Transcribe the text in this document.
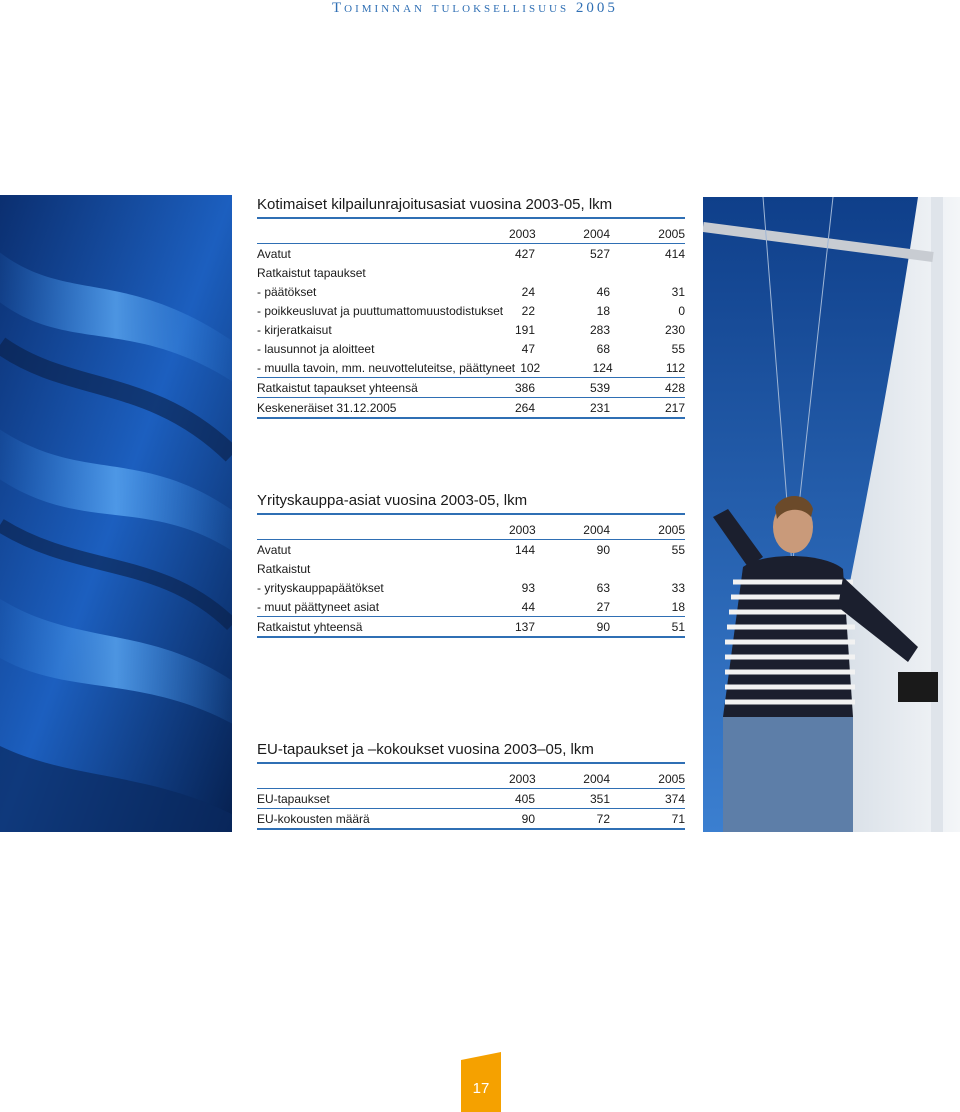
Toiminnan tuloksellisuus 2005
Kotimaiset kilpailunrajoitusasiat vuosina 2003-05, lkm
2003	2004	2005
Avatut	427	527	414
Ratkaistut tapaukset
- päätökset	24	46	31
- poikkeusluvat ja puuttumattomuustodistukset	22	18	0
- kirjeratkaisut	191	283	230
- lausunnot ja aloitteet	47	68	55
- muulla tavoin, mm. neuvotteluteitse, päättyneet 102	124	112
Ratkaistut tapaukset yhteensä	386	539	428
Keskeneräiset 31.12.2005	264	231	217
Yrityskauppa-asiat vuosina 2003-05, lkm
2003	2004	2005
Avatut	144	90	55
Ratkaistut
- yrityskauppapäätökset	93	63	33
- muut päättyneet asiat	44	27	18
Ratkaistut yhteensä	137	90	51
EU-tapaukset ja –kokoukset vuosina 2003–05, lkm
2003	2004	2005
EU-tapaukset	405	351	374
EU-kokousten määrä	90	72	71
17
